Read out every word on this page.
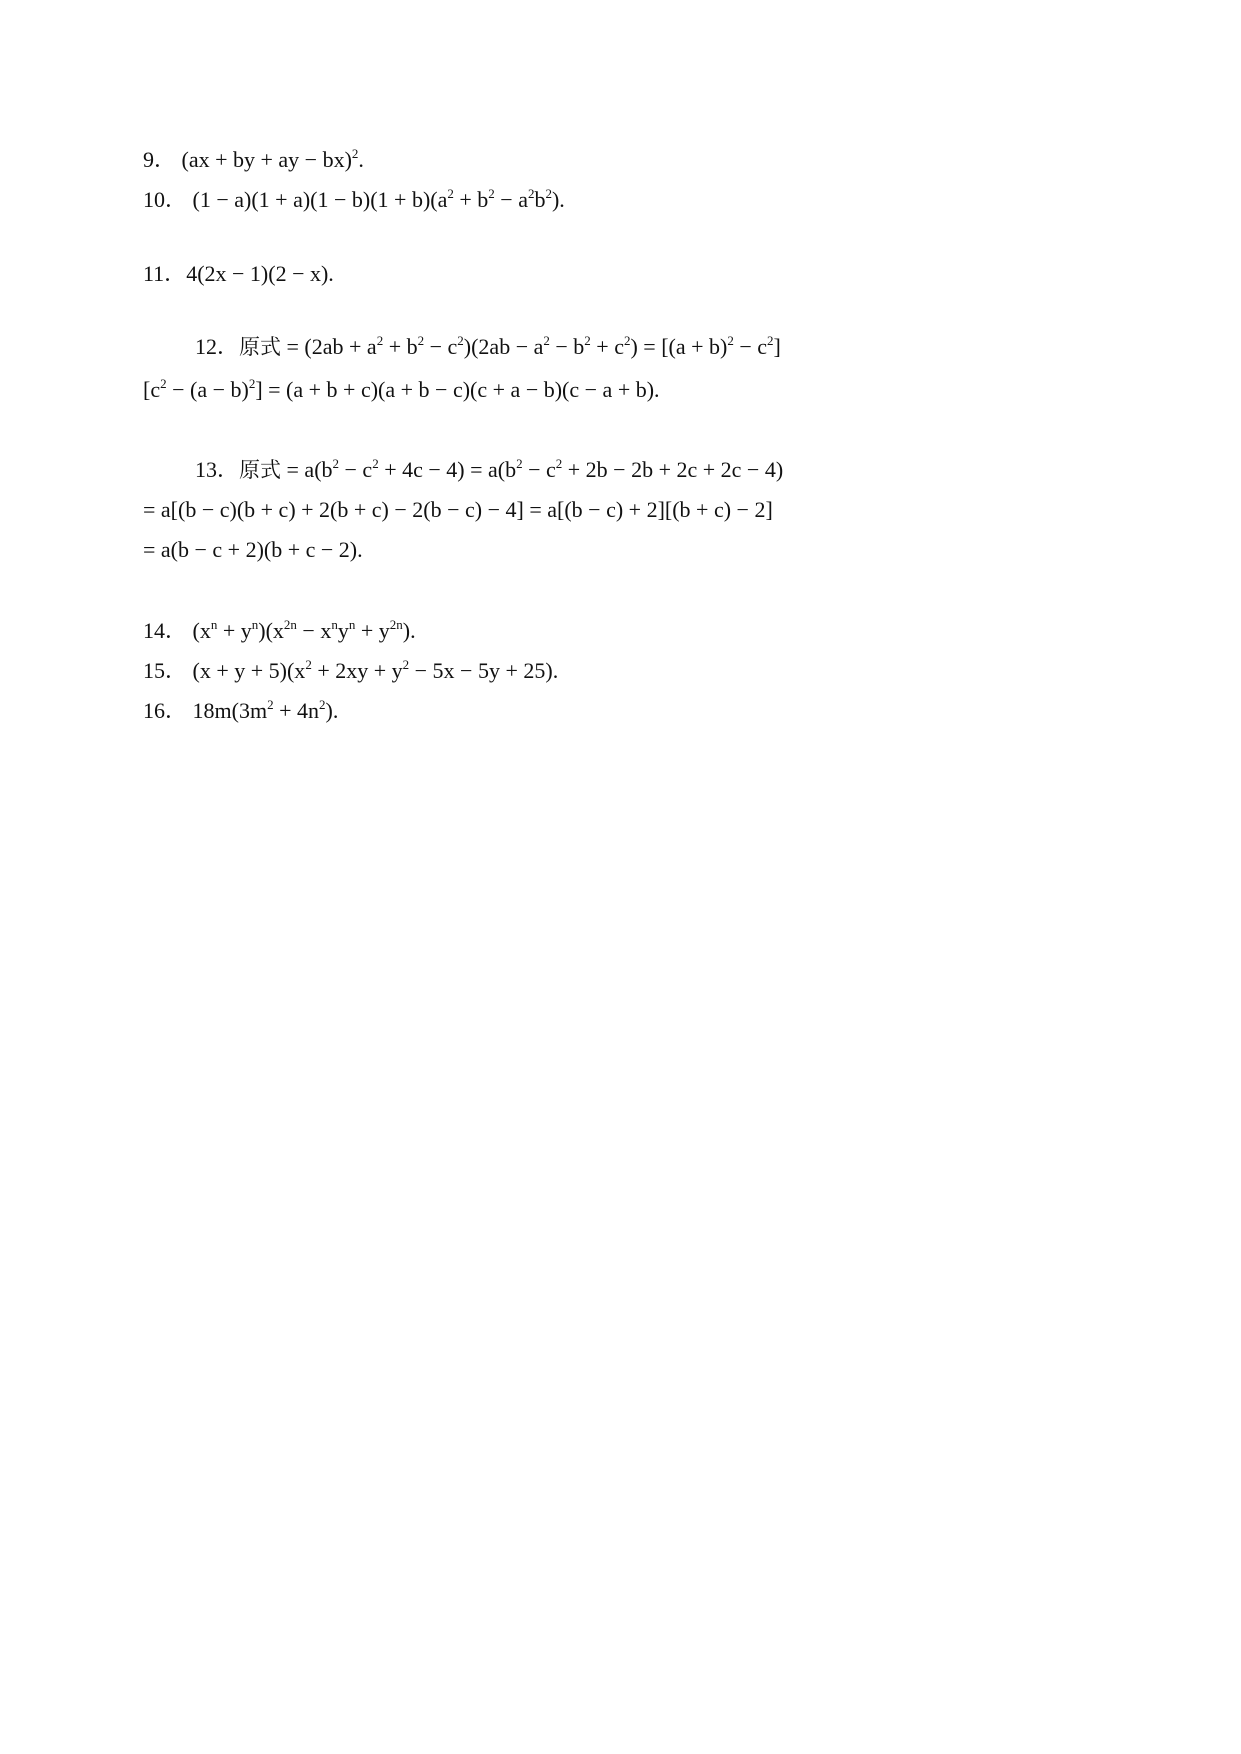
9． (ax + by + ay − bx)$^2$.

10． $(1 - a)(1 + a)(1 - b)(1 + b)(a^2 + b^2 - a^2b^2)$.

11．4(2x − 1)(2 − x).

12．原式 = $(2ab + a^2 + b^2 - c^2)(2ab - a^2 - b^2 + c^2) = [(a + b)^2 - c^2]$

$[c^2 - (a - b)^2] = (a + b + c)(a + b - c)(c + a - b)(c - a + b)$.

13．原式 = $a(b^2 - c^2 + 4c - 4) = a(b^2 - c^2 + 2b - 2b + 2c + 2c - 4)$

= a[(b − c)(b + c) + 2(b + c) − 2(b − c) − 4] = a[(b − c) + 2][(b + c) − 2]

= a(b − c + 2)(b + c − 2).

14． $(x^n + y^n)(x^{2n} - x^ny^n + y^{2n})$.

15． $(x + y + 5)(x^2 + 2xy + y^2 - 5x - 5y + 25)$.

16． $18m(3m^2 + 4n^2)$.
